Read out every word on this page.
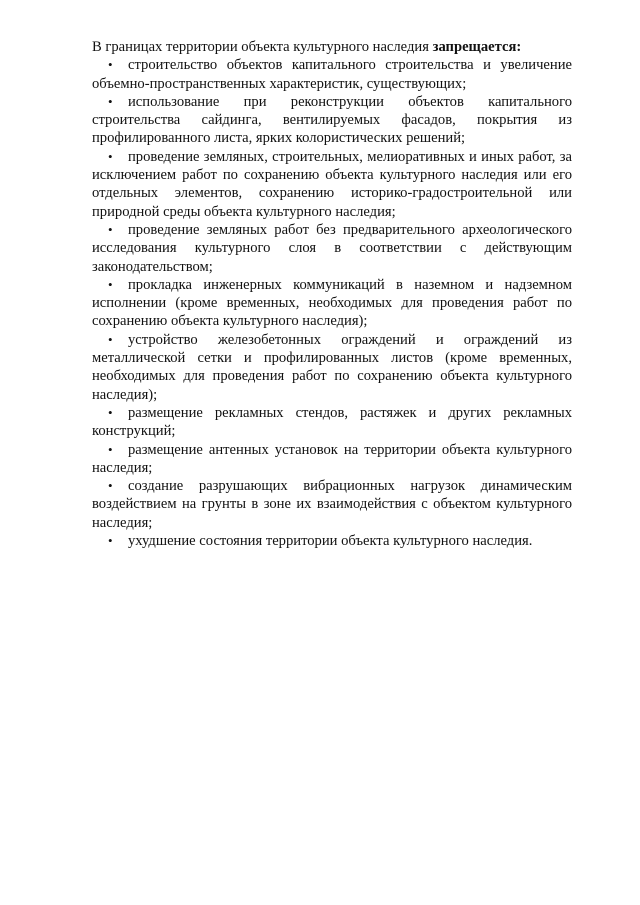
В границах территории объекта культурного наследия запрещается:

• строительство объектов капитального строительства и увеличение объемно-пространственных характеристик, существующих;
• использование при реконструкции объектов капитального строительства сайдинга, вентилируемых фасадов, покрытия из профилированного листа, ярких колористических решений;
• проведение земляных, строительных, мелиоративных и иных работ, за исключением работ по сохранению объекта культурного наследия или его отдельных элементов, сохранению историко-градостроительной или природной среды объекта культурного наследия;
• проведение земляных работ без предварительного археологического исследования культурного слоя в соответствии с действующим законодательством;
• прокладка инженерных коммуникаций в наземном и надземном исполнении (кроме временных, необходимых для проведения работ по сохранению объекта культурного наследия);
• устройство железобетонных ограждений и ограждений из металлической сетки и профилированных листов (кроме временных, необходимых для проведения работ по сохранению объекта культурного наследия);
• размещение рекламных стендов, растяжек и других рекламных конструкций;
• размещение антенных установок на территории объекта культурного наследия;
• создание разрушающих вибрационных нагрузок динамическим воздействием на грунты в зоне их взаимодействия с объектом культурного наследия;
• ухудшение состояния территории объекта культурного наследия.
